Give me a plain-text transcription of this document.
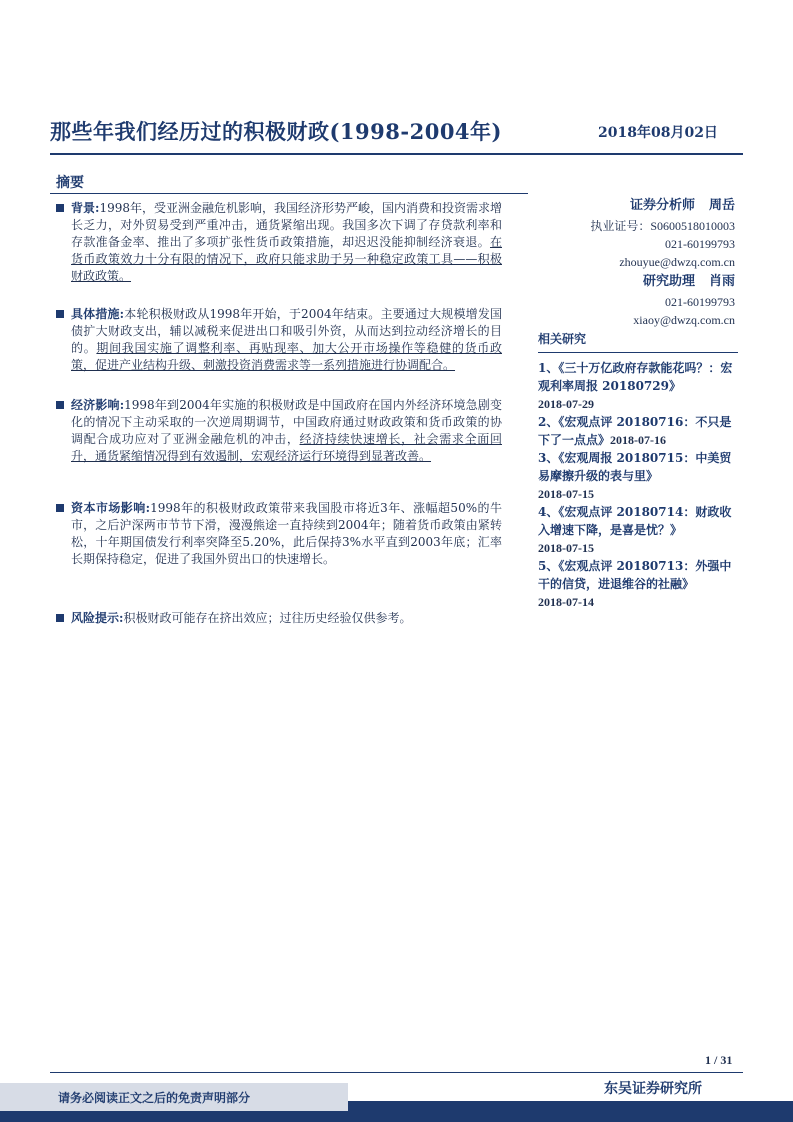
那些年我们经历过的积极财政(1998-2004年)	2018年08月02日
摘要
背景:1998年，受亚洲金融危机影响，我国经济形势严峻，国内消费和投资需求增长乏力，对外贸易受到严重冲击，通货紧缩出现。我国多次下调了存贷款利率和存款准备金率、推出了多项扩张性货币政策措施，却迟迟没能抑制经济衰退。在货币政策效力十分有限的情况下，政府只能求助于另一种稳定政策工具——积极财政政策。
具体措施:本轮积极财政从1998年开始，于2004年结束。主要通过大规模增发国债扩大财政支出，辅以减税来促进出口和吸引外资，从而达到拉动经济增长的目的。期间我国实施了调整利率、再贴现率、加大公开市场操作等稳健的货币政策，促进产业结构升级、刺激投资消费需求等一系列措施进行协调配合。
经济影响:1998年到2004年实施的积极财政是中国政府在国内外经济环境急剧变化的情况下主动采取的一次逆周期调节，中国政府通过财政政策和货币政策的协调配合成功应对了亚洲金融危机的冲击，经济持续快速增长，社会需求全面回升，通货紧缩情况得到有效遏制，宏观经济运行环境得到显著改善。
资本市场影响:1998年的积极财政政策带来我国股市将近3年、涨幅超50%的牛市，之后沪深两市节节下滑，漫漫熊途一直持续到2004年；随着货币政策由紧转松，十年期国债发行利率突降至5.20%，此后保持3%水平直到2003年底；汇率长期保持稳定，促进了我国外贸出口的快速增长。
风险提示:积极财政可能存在挤出效应；过往历史经验仅供参考。
证券分析师 周岳
执业证号：S0600518010003
021-60199793
zhouyue@dwzq.com.cn
研究助理 肖雨
021-60199793
xiaoy@dwzq.com.cn
相关研究
1、《三十万亿政府存款能花吗？：宏观利率周报 20180729》
2018-07-29
2、《宏观点评 20180716：不只是下了一点点》2018-07-16
3、《宏观周报 20180715：中美贸易摩擦升级的表与里》
2018-07-15
4、《宏观点评 20180714：财政收入增速下降，是喜是忧？》
2018-07-15
5、《宏观点评 20180713：外强中干的信贷，进退维谷的社融》
2018-07-14
1 / 31
东吴证券研究所
请务必阅读正文之后的免责声明部分
